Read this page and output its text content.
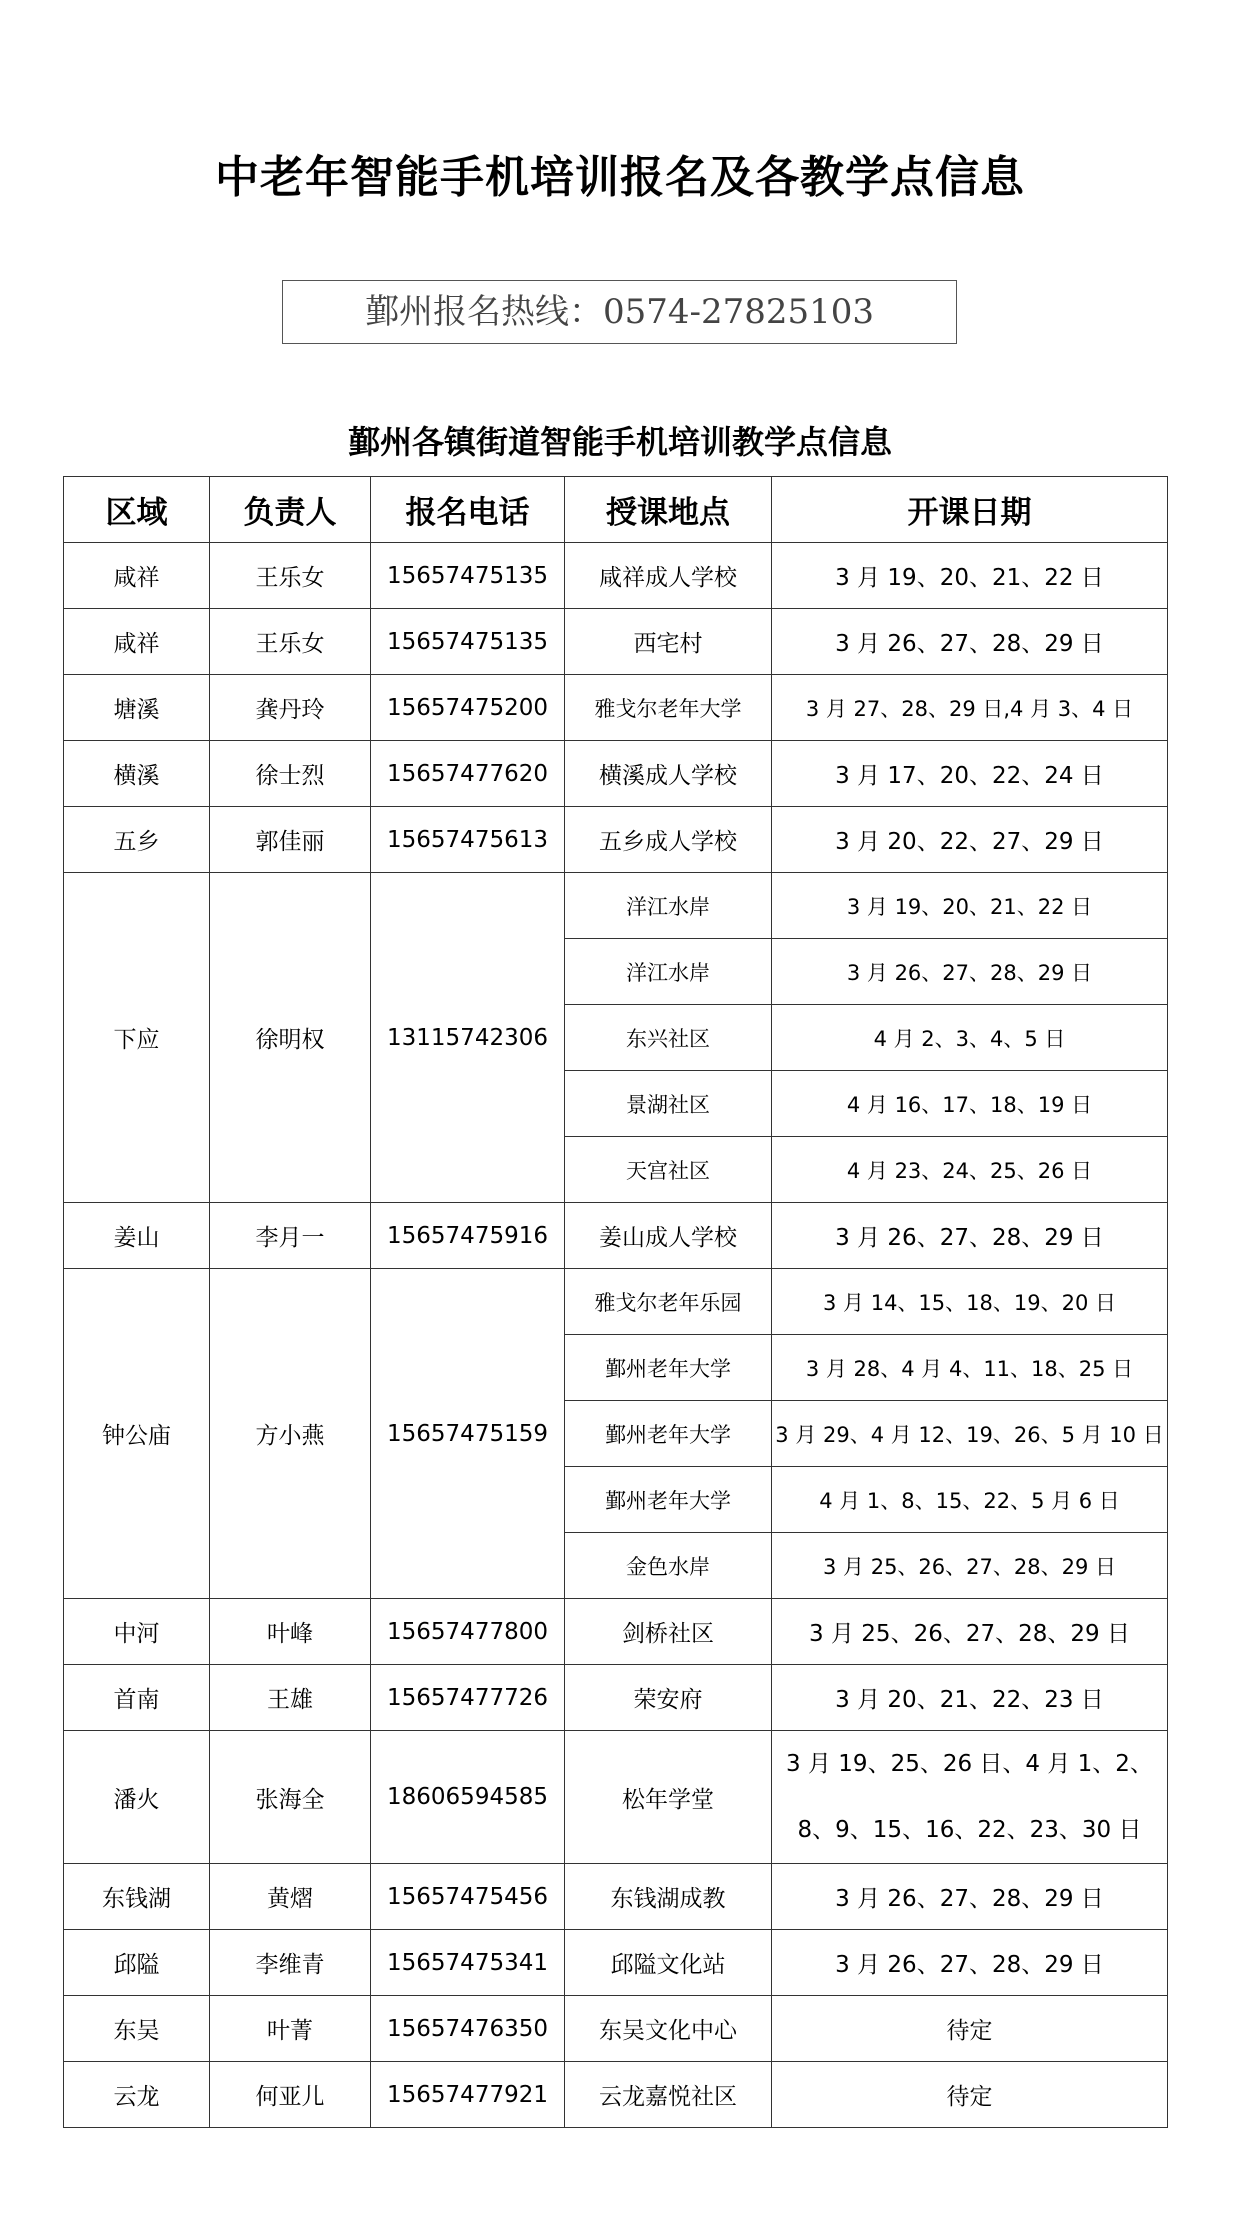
中老年智能手机培训报名及各教学点信息
鄞州报名热线：0574-27825103
鄞州各镇街道智能手机培训教学点信息
区域	负责人	报名电话	授课地点	开课日期
咸祥	王乐女	15657475135	咸祥成人学校	3 月 19、20、21、22 日
咸祥	王乐女	15657475135	西宅村	3 月 26、27、28、29 日
塘溪	龚丹玲	15657475200	雅戈尔老年大学	3 月 27、28、29 日,4 月 3、4 日
横溪	徐士烈	15657477620	横溪成人学校	3 月 17、20、22、24 日
五乡	郭佳丽	15657475613	五乡成人学校	3 月 20、22、27、29 日
下应	徐明权	13115742306	洋江水岸	3 月 19、20、21、22 日
			洋江水岸	3 月 26、27、28、29 日
			东兴社区	4 月 2、3、4、5 日
			景湖社区	4 月 16、17、18、19 日
			天宫社区	4 月 23、24、25、26 日
姜山	李月一	15657475916	姜山成人学校	3 月 26、27、28、29 日
钟公庙	方小燕	15657475159	雅戈尔老年乐园	3 月 14、15、18、19、20 日
			鄞州老年大学	3 月 28、4 月 4、11、18、25 日
			鄞州老年大学	3 月 29、4 月 12、19、26、5 月 10 日
			鄞州老年大学	4 月 1、8、15、22、5 月 6 日
			金色水岸	3 月 25、26、27、28、29 日
中河	叶峰	15657477800	剑桥社区	3 月 25、26、27、28、29 日
首南	王雄	15657477726	荣安府	3 月 20、21、22、23 日
潘火	张海全	18606594585	松年学堂	3 月 19、25、26 日、4 月 1、2、8、9、15、16、22、23、30 日
东钱湖	黄熠	15657475456	东钱湖成教	3 月 26、27、28、29 日
邱隘	李维青	15657475341	邱隘文化站	3 月 26、27、28、29 日
东吴	叶菁	15657476350	东吴文化中心	待定
云龙	何亚儿	15657477921	云龙嘉悦社区	待定
